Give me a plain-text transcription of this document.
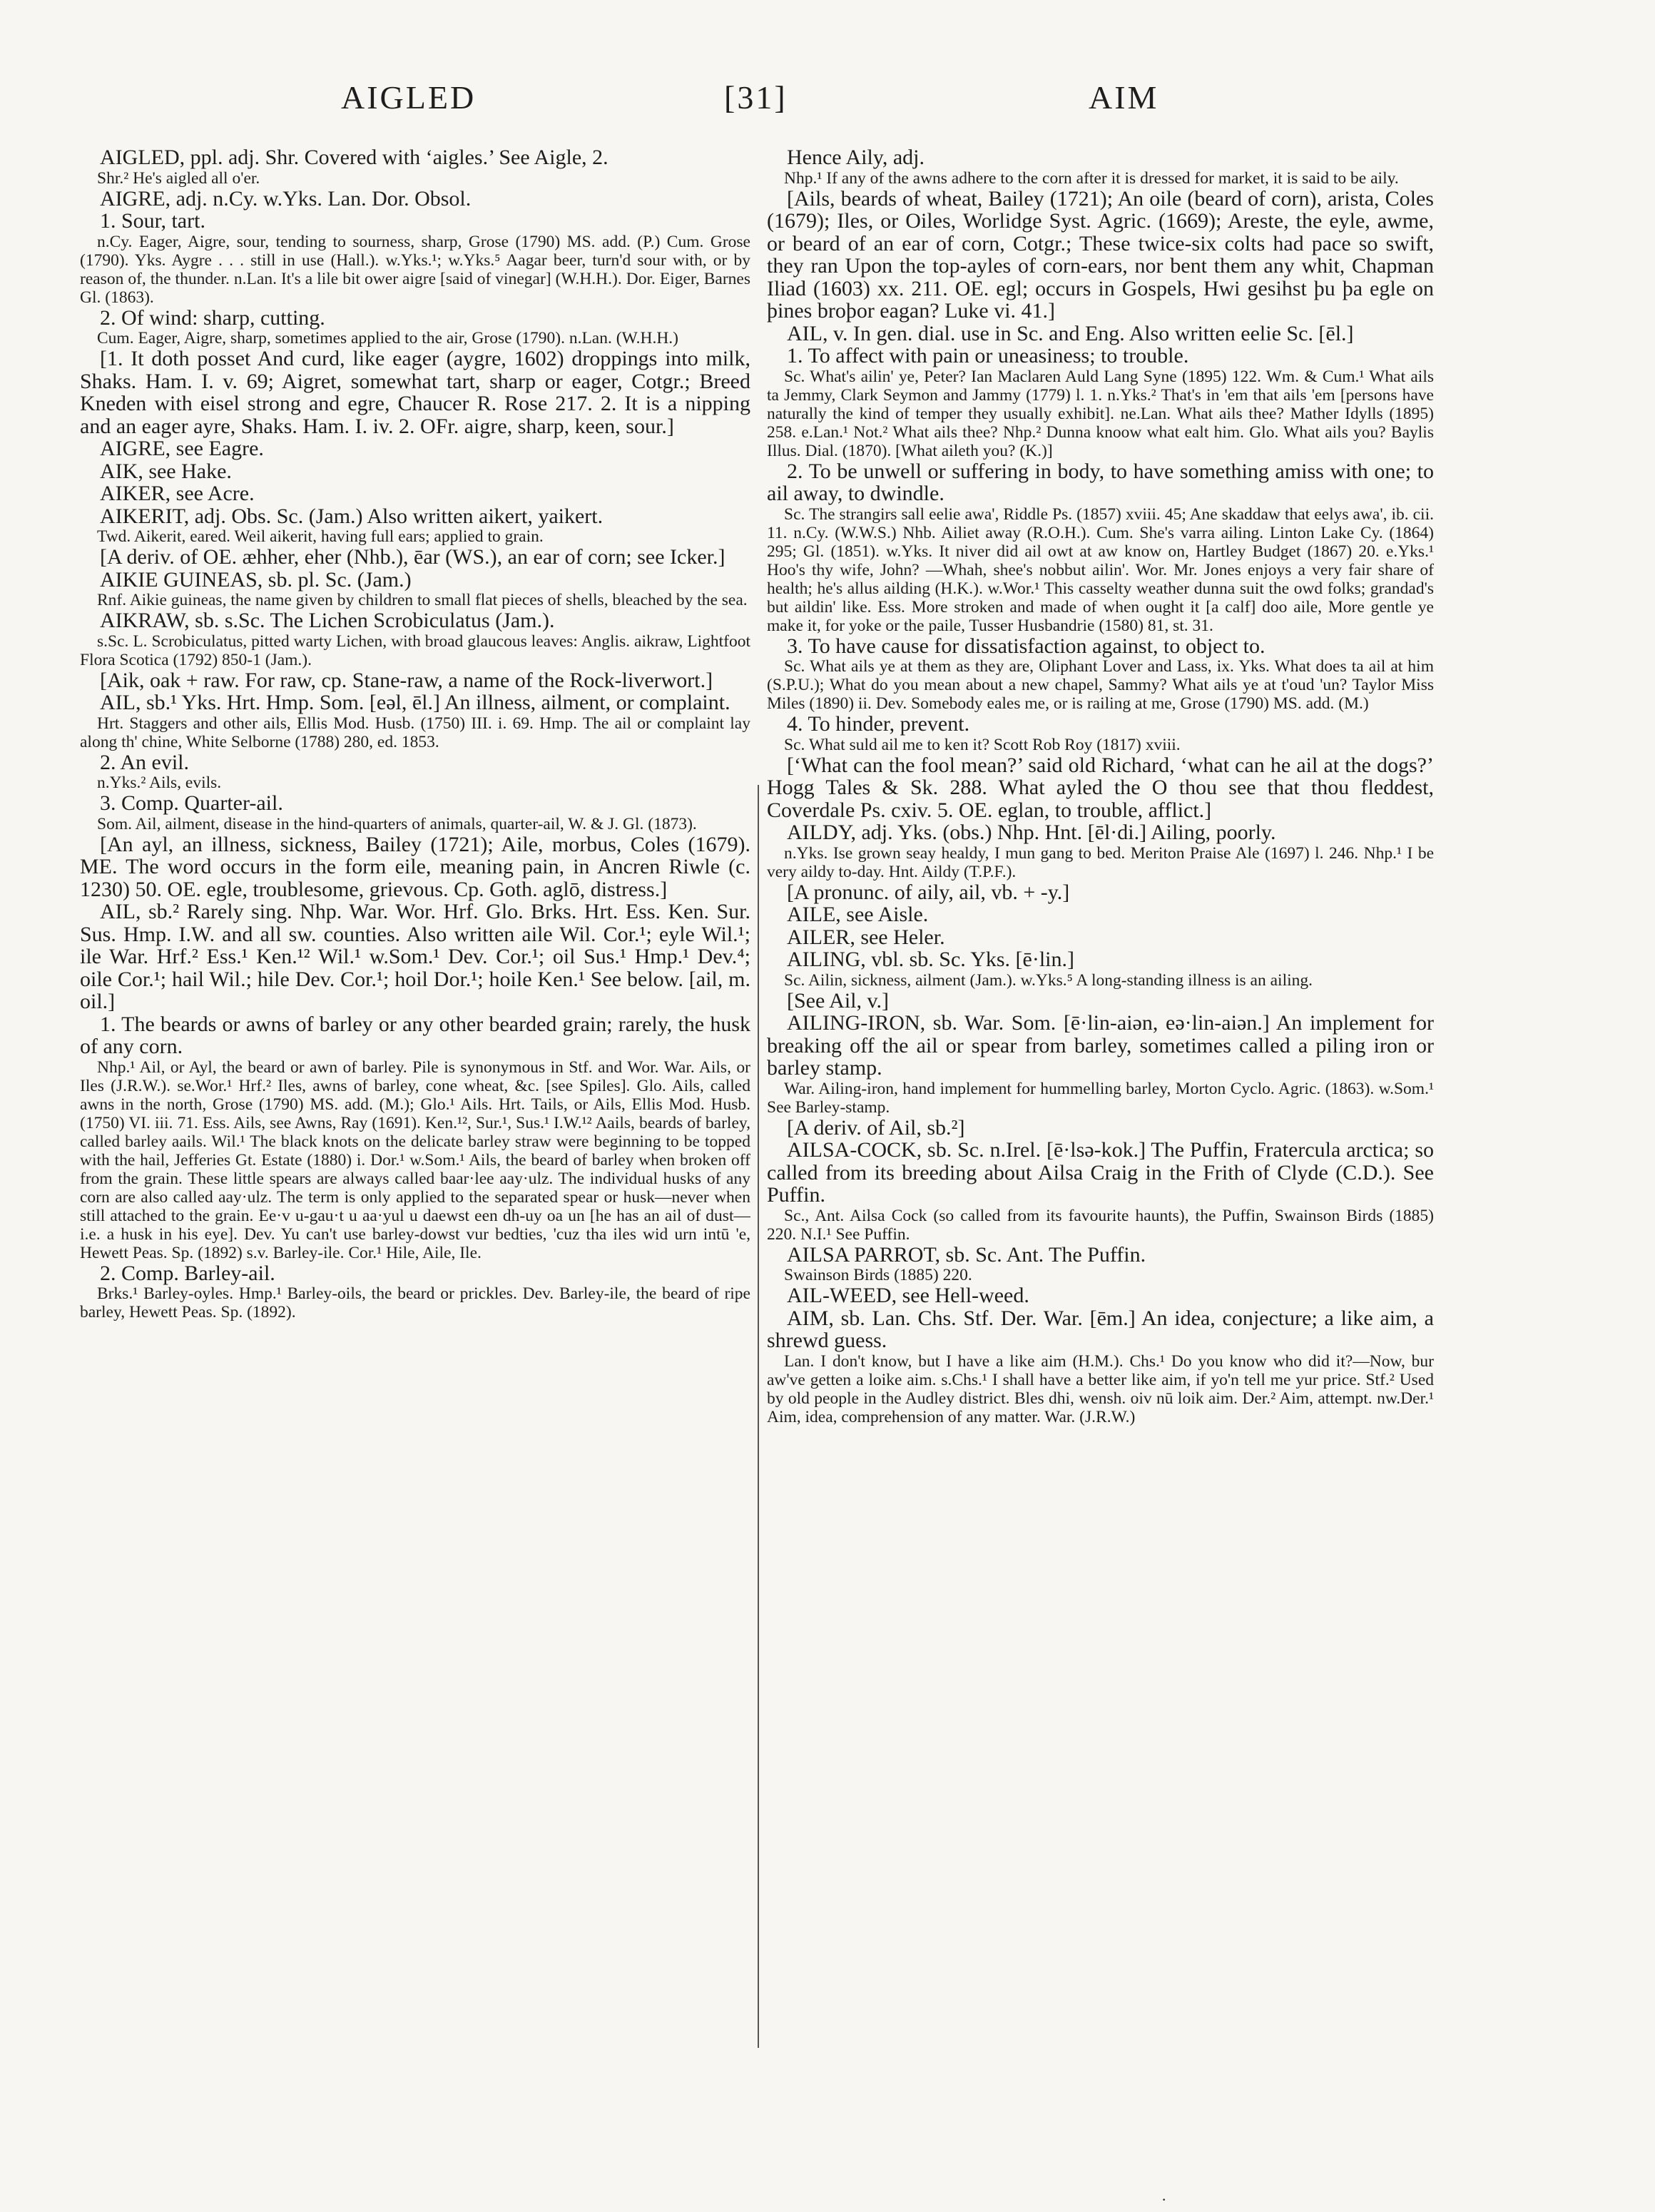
AIGLED	[31]	AIM

AIGLED, ppl. adj. Shr. Covered with ‘aigles.’ See Aigle, 2.

Shr.² He's aigled all o'er.

AIGRE, adj. n.Cy. w.Yks. Lan. Dor. Obsol.

1. Sour, tart.

n.Cy. Eager, Aigre, sour, tending to sourness, sharp, Grose (1790) MS. add. (P.) Cum. Grose (1790). Yks. Aygre . . . still in use (Hall.). w.Yks.¹; w.Yks.⁵ Aagar beer, turn'd sour with, or by reason of, the thunder. n.Lan. It's a lile bit ower aigre [said of vinegar] (W.H.H.). Dor. Eiger, Barnes Gl. (1863).

2. Of wind: sharp, cutting.

Cum. Eager, Aigre, sharp, sometimes applied to the air, Grose (1790). n.Lan. (W.H.H.)

[1. It doth posset And curd, like eager (aygre, 1602) droppings into milk, Shaks. Ham. I. v. 69; Aigret, somewhat tart, sharp or eager, Cotgr.; Breed Kneden with eisel strong and egre, Chaucer R. Rose 217. 2. It is a nipping and an eager ayre, Shaks. Ham. I. iv. 2. OFr. aigre, sharp, keen, sour.]

AIGRE, see Eagre.

AIK, see Hake.

AIKER, see Acre.

AIKERIT, adj. Obs. Sc. (Jam.) Also written aikert, yaikert.

Twd. Aikerit, eared. Weil aikerit, having full ears; applied to grain.

[A deriv. of OE. æhher, eher (Nhb.), ēar (WS.), an ear of corn; see Icker.]

AIKIE GUINEAS, sb. pl. Sc. (Jam.)

Rnf. Aikie guineas, the name given by children to small flat pieces of shells, bleached by the sea.

AIKRAW, sb. s.Sc. The Lichen Scrobiculatus (Jam.).

s.Sc. L. Scrobiculatus, pitted warty Lichen, with broad glaucous leaves: Anglis. aikraw, Lightfoot Flora Scotica (1792) 850-1 (Jam.).

[Aik, oak + raw. For raw, cp. Stane-raw, a name of the Rock-liverwort.]

AIL, sb.¹ Yks. Hrt. Hmp. Som. [eəl, ēl.] An illness, ailment, or complaint.

Hrt. Staggers and other ails, Ellis Mod. Husb. (1750) III. i. 69. Hmp. The ail or complaint lay along th' chine, White Selborne (1788) 280, ed. 1853.

2. An evil.

n.Yks.² Ails, evils.

3. Comp. Quarter-ail.

Som. Ail, ailment, disease in the hind-quarters of animals, quarter-ail, W. & J. Gl. (1873).

[An ayl, an illness, sickness, Bailey (1721); Aile, morbus, Coles (1679). ME. The word occurs in the form eile, meaning pain, in Ancren Riwle (c. 1230) 50. OE. egle, troublesome, grievous. Cp. Goth. aglō, distress.]

AIL, sb.² Rarely sing. Nhp. War. Wor. Hrf. Glo. Brks. Hrt. Ess. Ken. Sur. Sus. Hmp. I.W. and all sw. counties. Also written aile Wil. Cor.¹; eyle Wil.¹; ile War. Hrf.² Ess.¹ Ken.¹² Wil.¹ w.Som.¹ Dev. Cor.¹; oil Sus.¹ Hmp.¹ Dev.⁴; oile Cor.¹; hail Wil.; hile Dev. Cor.¹; hoil Dor.¹; hoile Ken.¹ See below. [ail, m. oil.]

1. The beards or awns of barley or any other bearded grain; rarely, the husk of any corn.

Nhp.¹ Ail, or Ayl, the beard or awn of barley. Pile is synonymous in Stf. and Wor. War. Ails, or Iles (J.R.W.). se.Wor.¹ Hrf.² Iles, awns of barley, cone wheat, &c. [see Spiles]. Glo. Ails, called awns in the north, Grose (1790) MS. add. (M.); Glo.¹ Ails. Hrt. Tails, or Ails, Ellis Mod. Husb. (1750) VI. iii. 71. Ess. Ails, see Awns, Ray (1691). Ken.¹², Sur.¹, Sus.¹ I.W.¹² Aails, beards of barley, called barley aails. Wil.¹ The black knots on the delicate barley straw were beginning to be topped with the hail, Jefferies Gt. Estate (1880) i. Dor.¹ w.Som.¹ Ails, the beard of barley when broken off from the grain. These little spears are always called baar·lee aay·ulz. The individual husks of any corn are also called aay·ulz. The term is only applied to the separated spear or husk—never when still attached to the grain. Ee·v u-gau·t u aa·yul u daewst een dh-uy oa un [he has an ail of dust—i.e. a husk in his eye]. Dev. Yu can't use barley-dowst vur bedties, 'cuz tha iles wid urn intū 'e, Hewett Peas. Sp. (1892) s.v. Barley-ile. Cor.¹ Hile, Aile, Ile.

2. Comp. Barley-ail.

Brks.¹ Barley-oyles. Hmp.¹ Barley-oils, the beard or prickles. Dev. Barley-ile, the beard of ripe barley, Hewett Peas. Sp. (1892).

Hence Aily, adj.

Nhp.¹ If any of the awns adhere to the corn after it is dressed for market, it is said to be aily.

[Ails, beards of wheat, Bailey (1721); An oile (beard of corn), arista, Coles (1679); Iles, or Oiles, Worlidge Syst. Agric. (1669); Areste, the eyle, awme, or beard of an ear of corn, Cotgr.; These twice-six colts had pace so swift, they ran Upon the top-ayles of corn-ears, nor bent them any whit, Chapman Iliad (1603) xx. 211. OE. egl; occurs in Gospels, Hwi gesihst þu þa egle on þines broþor eagan? Luke vi. 41.]

AIL, v. In gen. dial. use in Sc. and Eng. Also written eelie Sc. [ēl.]

1. To affect with pain or uneasiness; to trouble.

Sc. What's ailin' ye, Peter? Ian Maclaren Auld Lang Syne (1895) 122. Wm. & Cum.¹ What ails ta Jemmy, Clark Seymon and Jammy (1779) l. 1. n.Yks.² That's in 'em that ails 'em [persons have naturally the kind of temper they usually exhibit]. ne.Lan. What ails thee? Mather Idylls (1895) 258. e.Lan.¹ Not.² What ails thee? Nhp.² Dunna knoow what ealt him. Glo. What ails you? Baylis Illus. Dial. (1870). [What aileth you? (K.)]

2. To be unwell or suffering in body, to have something amiss with one; to ail away, to dwindle.

Sc. The strangirs sall eelie awa', Riddle Ps. (1857) xviii. 45; Ane skaddaw that eelys awa', ib. cii. 11. n.Cy. (W.W.S.) Nhb. Ailiet away (R.O.H.). Cum. She's varra ailing. Linton Lake Cy. (1864) 295; Gl. (1851). w.Yks. It niver did ail owt at aw know on, Hartley Budget (1867) 20. e.Yks.¹ Hoo's thy wife, John? —Whah, shee's nobbut ailin'. Wor. Mr. Jones enjoys a very fair share of health; he's allus ailding (H.K.). w.Wor.¹ This casselty weather dunna suit the owd folks; grandad's but aildin' like. Ess. More stroken and made of when ought it [a calf] doo aile, More gentle ye make it, for yoke or the paile, Tusser Husbandrie (1580) 81, st. 31.

3. To have cause for dissatisfaction against, to object to.

Sc. What ails ye at them as they are, Oliphant Lover and Lass, ix. Yks. What does ta ail at him (S.P.U.); What do you mean about a new chapel, Sammy? What ails ye at t'oud 'un? Taylor Miss Miles (1890) ii. Dev. Somebody eales me, or is railing at me, Grose (1790) MS. add. (M.)

4. To hinder, prevent.

Sc. What suld ail me to ken it? Scott Rob Roy (1817) xviii.

[‘What can the fool mean?’ said old Richard, ‘what can he ail at the dogs?’ Hogg Tales & Sk. 288. What ayled the O thou see that thou fleddest, Coverdale Ps. cxiv. 5. OE. eglan, to trouble, afflict.]

AILDY, adj. Yks. (obs.) Nhp. Hnt. [ēl·di.] Ailing, poorly.

n.Yks. Ise grown seay healdy, I mun gang to bed. Meriton Praise Ale (1697) l. 246. Nhp.¹ I be very aildy to-day. Hnt. Aildy (T.P.F.).

[A pronunc. of aily, ail, vb. + -y.]

AILE, see Aisle.

AILER, see Heler.

AILING, vbl. sb. Sc. Yks. [ē·lin.]

Sc. Ailin, sickness, ailment (Jam.). w.Yks.⁵ A long-standing illness is an ailing.

[See Ail, v.]

AILING-IRON, sb. War. Som. [ē·lin-aiən, eə·lin-aiən.] An implement for breaking off the ail or spear from barley, sometimes called a piling iron or barley stamp.

War. Ailing-iron, hand implement for hummelling barley, Morton Cyclo. Agric. (1863). w.Som.¹ See Barley-stamp.

[A deriv. of Ail, sb.²]

AILSA-COCK, sb. Sc. n.Irel. [ē·lsə-kok.] The Puffin, Fratercula arctica; so called from its breeding about Ailsa Craig in the Frith of Clyde (C.D.). See Puffin.

Sc., Ant. Ailsa Cock (so called from its favourite haunts), the Puffin, Swainson Birds (1885) 220. N.I.¹ See Puffin.

AILSA PARROT, sb. Sc. Ant. The Puffin.

Swainson Birds (1885) 220.

AIL-WEED, see Hell-weed.

AIM, sb. Lan. Chs. Stf. Der. War. [ēm.] An idea, conjecture; a like aim, a shrewd guess.

Lan. I don't know, but I have a like aim (H.M.). Chs.¹ Do you know who did it?—Now, bur aw've getten a loike aim. s.Chs.¹ I shall have a better like aim, if yo'n tell me yur price. Stf.² Used by old people in the Audley district. Bles dhi, wensh. oiv nū loik aim. Der.² Aim, attempt. nw.Der.¹ Aim, idea, comprehension of any matter. War. (J.R.W.)

·
